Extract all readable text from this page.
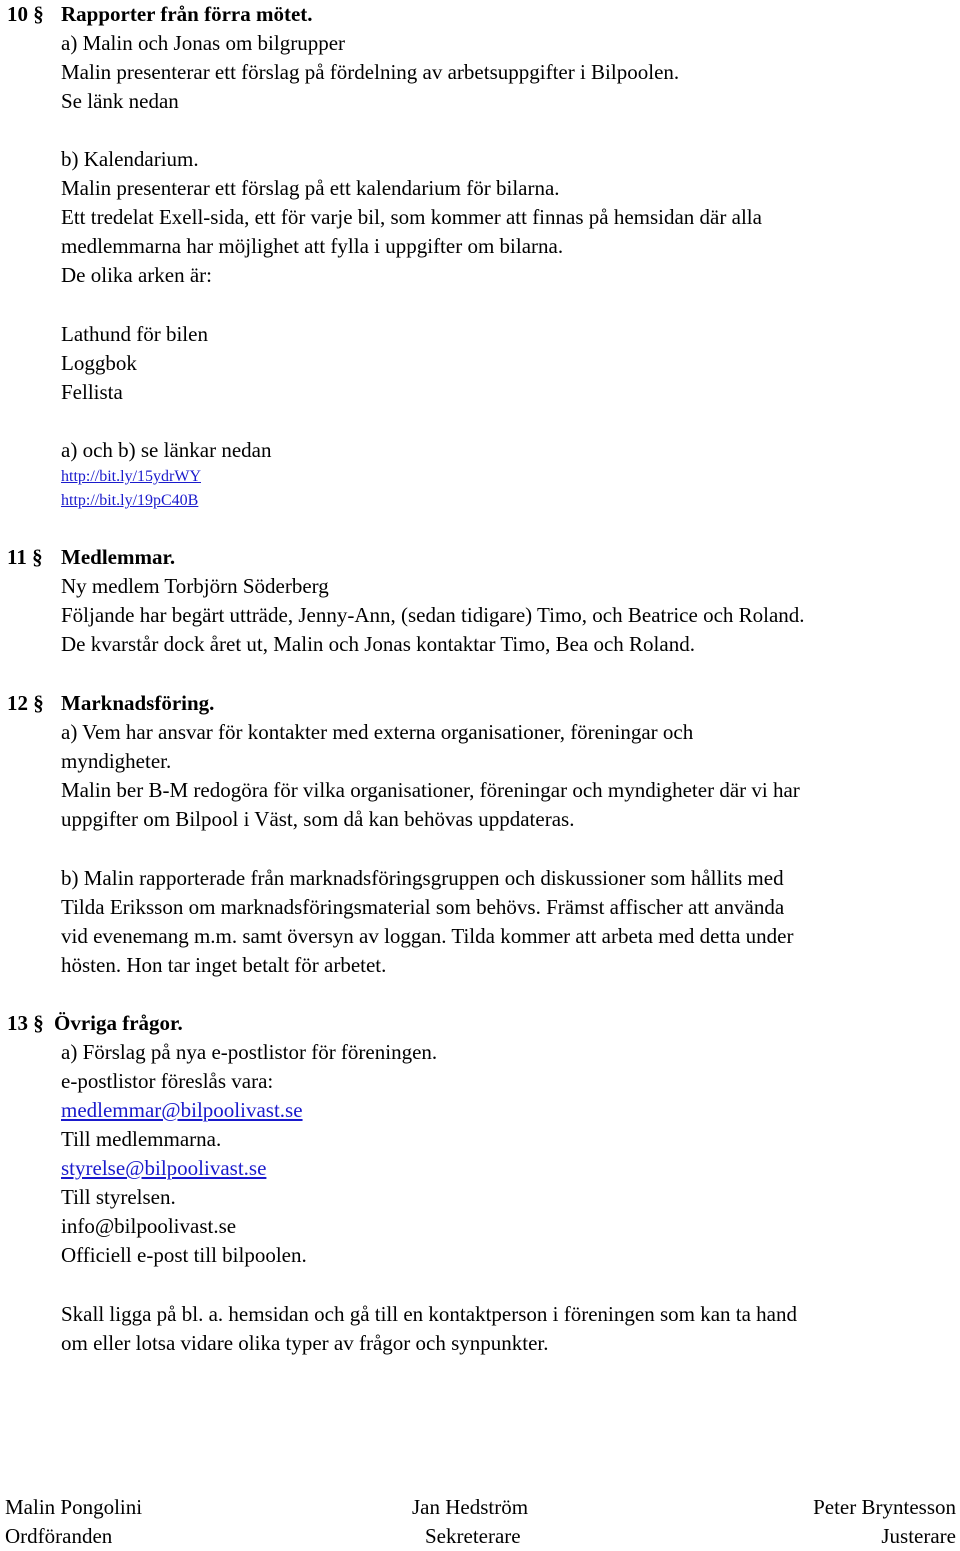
10 § Rapporter från förra mötet.
a) Malin och Jonas om bilgrupper
Malin presenterar ett förslag på fördelning av arbetsuppgifter i Bilpoolen.
Se länk nedan
b) Kalendarium.
Malin presenterar ett förslag på ett kalendarium för bilarna.
Ett tredelat Exell-sida, ett för varje bil, som kommer att finnas på hemsidan där alla
medlemmarna har möjlighet att fylla i uppgifter om bilarna.
De olika arken är:
Lathund för bilen
Loggbok
Fellista
a) och b) se länkar nedan
http://bit.ly/15ydrWY
http://bit.ly/19pC40B
11 § Medlemmar.
Ny medlem Torbjörn Söderberg
Följande har begärt utträde, Jenny-Ann, (sedan tidigare) Timo, och Beatrice och Roland.
De kvarstår dock året ut, Malin och Jonas kontaktar Timo, Bea och Roland.
12 § Marknadsföring.
a) Vem har ansvar för kontakter med externa organisationer, föreningar och
myndigheter.
Malin ber B-M redogöra för vilka organisationer, föreningar och myndigheter där vi har
uppgifter om Bilpool i Väst, som då kan behövas uppdateras.
b) Malin rapporterade från marknadsföringsgruppen och diskussioner som hållits med
Tilda Eriksson om marknadsföringsmaterial som behövs. Främst affischer att använda
vid evenemang m.m. samt översyn av loggan. Tilda kommer att arbeta med detta under
hösten. Hon tar inget betalt för arbetet.
13 § Övriga frågor.
a) Förslag på nya e-postlistor för föreningen.
e-postlistor föreslås vara:
medlemmar@bilpoolivast.se
Till medlemmarna.
styrelse@bilpoolivast.se
Till styrelsen.
info@bilpoolivast.se
Officiell e-post till bilpoolen.
Skall ligga på bl. a. hemsidan och gå till en kontaktperson i föreningen som kan ta hand
om eller lotsa vidare olika typer av frågor och synpunkter.
Malin Pongolini
Ordföranden
Jan Hedström
Sekreterare
Peter Bryntesson
Justerare
